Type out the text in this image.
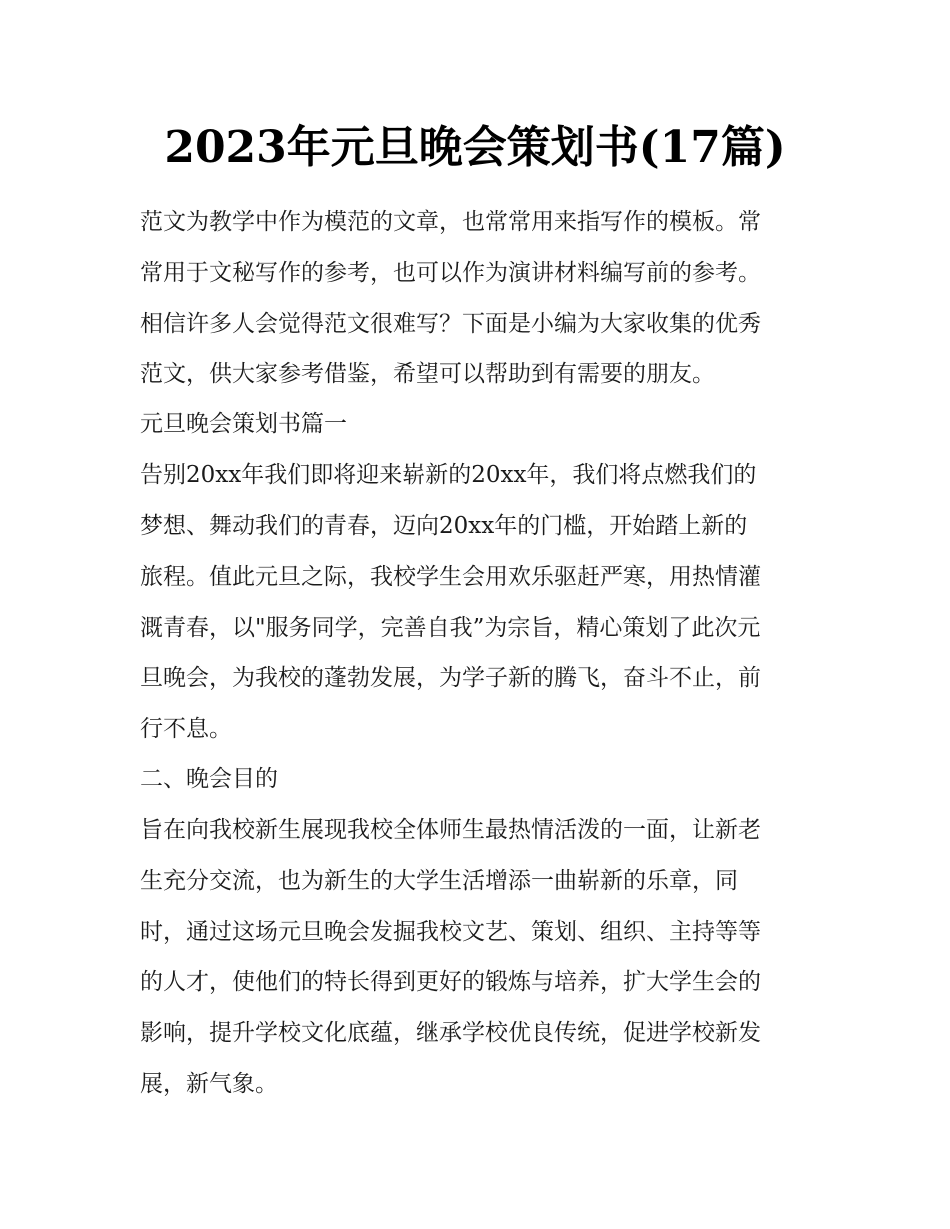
2023年元旦晚会策划书(17篇)

范文为教学中作为模范的文章，也常常用来指写作的模板。常

常用于文秘写作的参考，也可以作为演讲材料编写前的参考。

相信许多人会觉得范文很难写？下面是小编为大家收集的优秀

范文，供大家参考借鉴，希望可以帮助到有需要的朋友。

元旦晚会策划书篇一

告别20xx年我们即将迎来崭新的20xx年，我们将点燃我们的

梦想、舞动我们的青春，迈向20xx年的门槛，开始踏上新的

旅程。值此元旦之际，我校学生会用欢乐驱赶严寒，用热情灌

溉青春，以"服务同学，完善自我”为宗旨，精心策划了此次元

旦晚会，为我校的蓬勃发展，为学子新的腾飞，奋斗不止，前

行不息。

二、晚会目的

旨在向我校新生展现我校全体师生最热情活泼的一面，让新老

生充分交流，也为新生的大学生活增添一曲崭新的乐章，同

时，通过这场元旦晚会发掘我校文艺、策划、组织、主持等等

的人才，使他们的特长得到更好的锻炼与培养，扩大学生会的

影响，提升学校文化底蕴，继承学校优良传统，促进学校新发

展，新气象。
